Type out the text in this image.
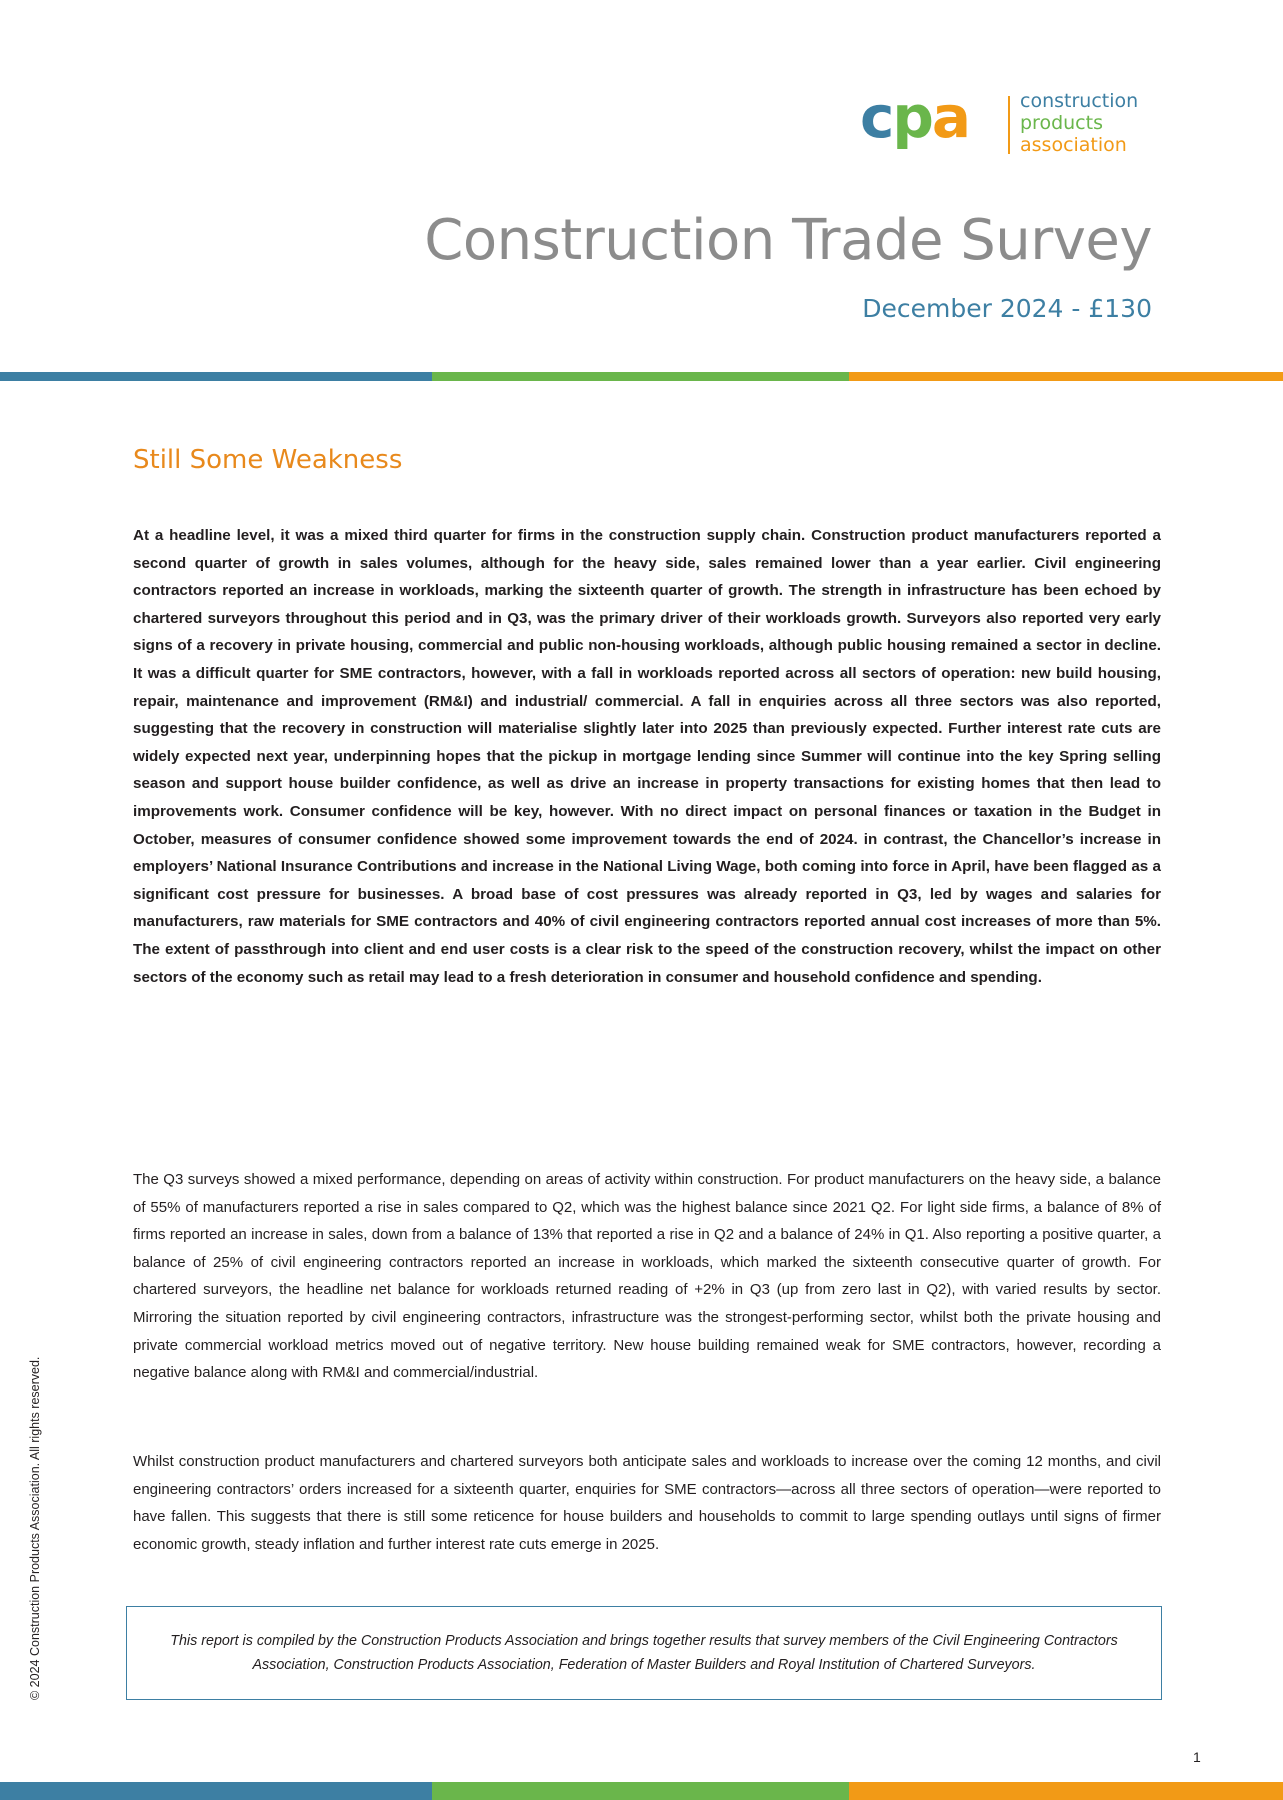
cpa	construction
products
association
Construction Trade Survey
December 2024 - £130
Still Some Weakness

At a headline level, it was a mixed third quarter for firms in the construction supply chain. Construction product manufacturers reported a second quarter of growth in sales volumes, although for the heavy side, sales remained lower than a year earlier. Civil engineering contractors reported an increase in workloads, marking the sixteenth quarter of growth. The strength in infrastructure has been echoed by chartered surveyors throughout this period and in Q3, was the primary driver of their workloads growth. Surveyors also reported very early signs of a recovery in private housing, commercial and public non-housing workloads, although public housing remained a sector in decline. It was a difficult quarter for SME contractors, however, with a fall in workloads reported across all sectors of operation: new build housing, repair, maintenance and improvement (RM&I) and industrial/ commercial. A fall in enquiries across all three sectors was also reported, suggesting that the recovery in construction will materialise slightly later into 2025 than previously expected. Further interest rate cuts are widely expected next year, underpinning hopes that the pickup in mortgage lending since Summer will continue into the key Spring selling season and support house builder confidence, as well as drive an increase in property transactions for existing homes that then lead to improvements work. Consumer confidence will be key, however. With no direct impact on personal finances or taxation in the Budget in October, measures of consumer confidence showed some improvement towards the end of 2024. in contrast, the Chancellor’s increase in employers’ National Insurance Contributions and increase in the National Living Wage, both coming into force in April, have been flagged as a significant cost pressure for businesses. A broad base of cost pressures was already reported in Q3, led by wages and salaries for manufacturers, raw materials for SME contractors and 40% of civil engineering contractors reported annual cost increases of more than 5%. The extent of passthrough into client and end user costs is a clear risk to the speed of the construction recovery, whilst the impact on other sectors of the economy such as retail may lead to a fresh deterioration in consumer and household confidence and spending.

The Q3 surveys showed a mixed performance, depending on areas of activity within construction. For product manufacturers on the heavy side, a balance of 55% of manufacturers reported a rise in sales compared to Q2, which was the highest balance since 2021 Q2. For light side firms, a balance of 8% of firms reported an increase in sales, down from a balance of 13% that reported a rise in Q2 and a balance of 24% in Q1. Also reporting a positive quarter, a balance of 25% of civil engineering contractors reported an increase in workloads, which marked the sixteenth consecutive quarter of growth. For chartered surveyors, the headline net balance for workloads returned reading of +2% in Q3 (up from zero last in Q2), with varied results by sector. Mirroring the situation reported by civil engineering contractors, infrastructure was the strongest-performing sector, whilst both the private housing and private commercial workload metrics moved out of negative territory. New house building remained weak for SME contractors, however, recording a negative balance along with RM&I and commercial/industrial.

Whilst construction product manufacturers and chartered surveyors both anticipate sales and workloads to increase over the coming 12 months, and civil engineering contractors’ orders increased for a sixteenth quarter, enquiries for SME contractors—across all three sectors of operation—were reported to have fallen. This suggests that there is still some reticence for house builders and households to commit to large spending outlays until signs of firmer economic growth, steady inflation and further interest rate cuts emerge in 2025.

This report is compiled by the Construction Products Association and brings together results that survey members of the Civil Engineering Contractors Association, Construction Products Association, Federation of Master Builders and Royal Institution of Chartered Surveyors.

© 2024 Construction Products Association. All rights reserved.
1
